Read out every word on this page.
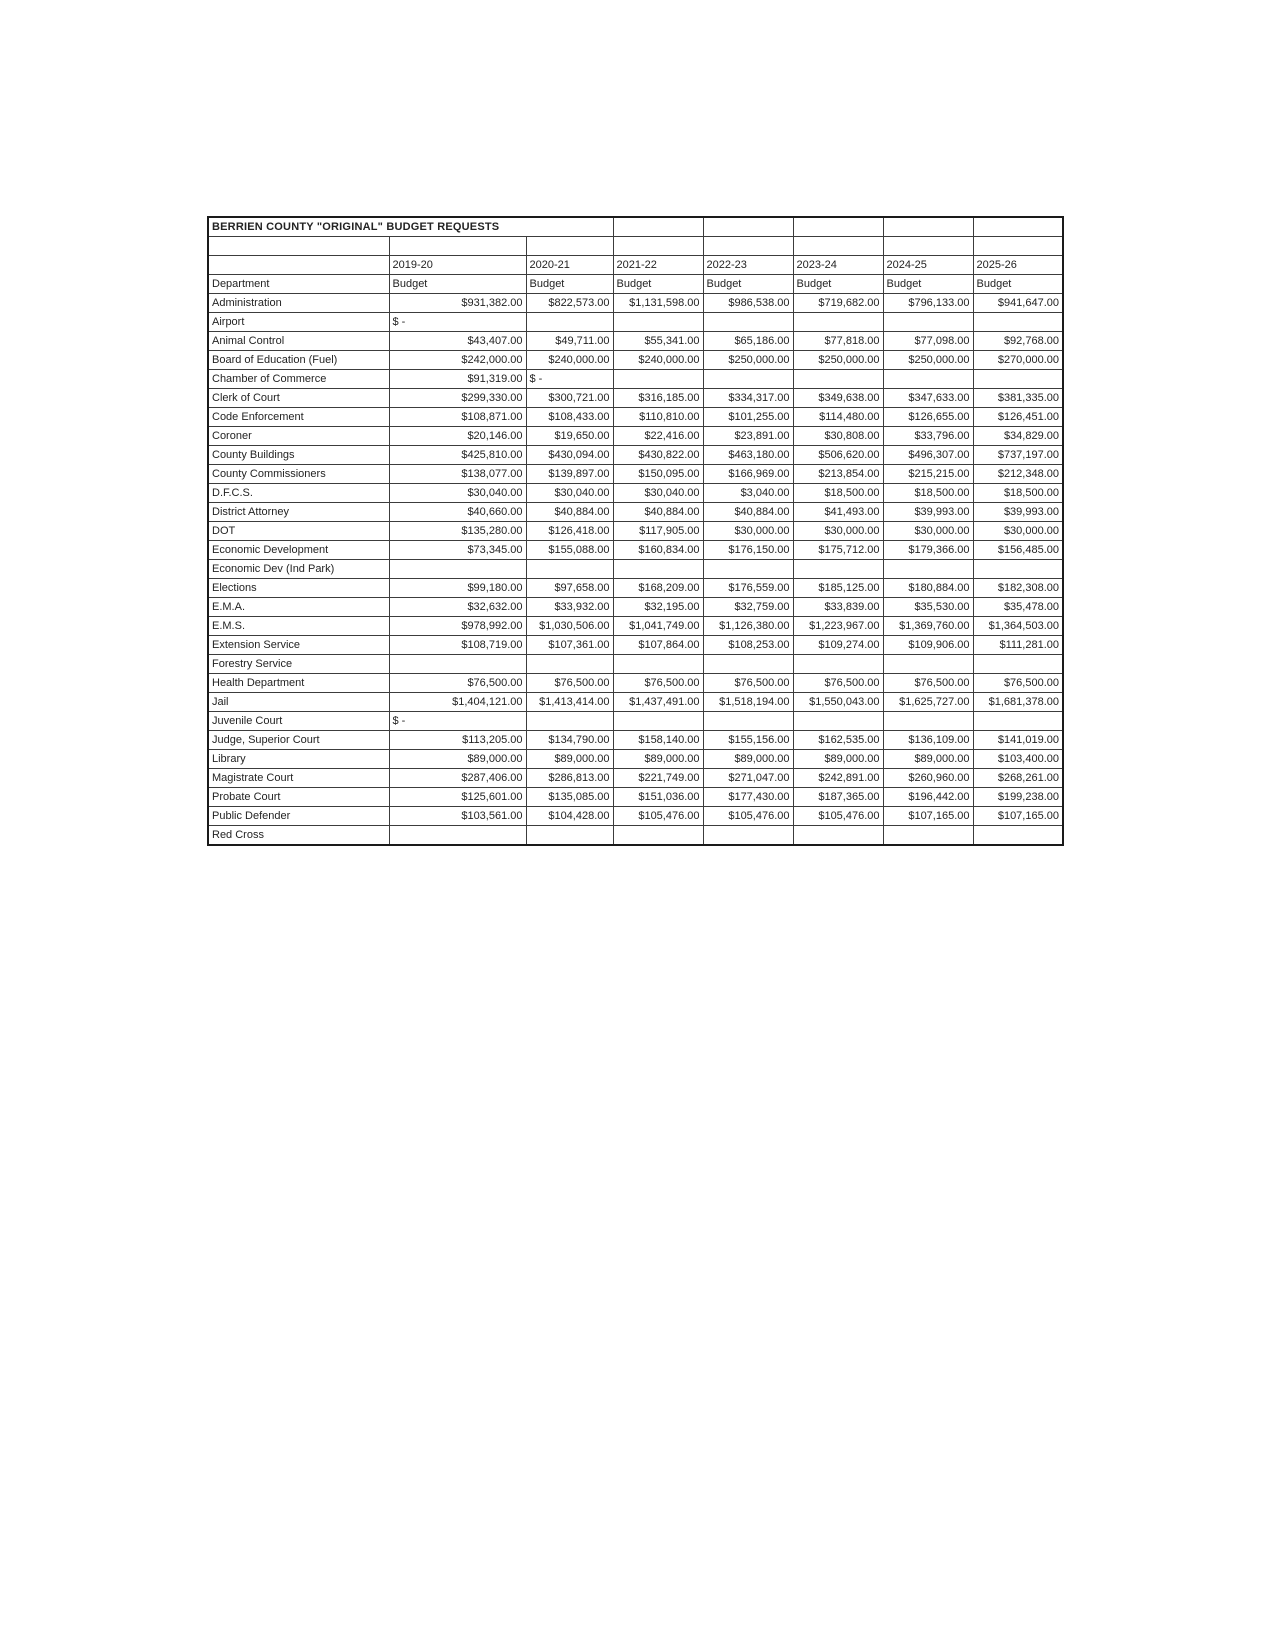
BERRIEN COUNTY "ORIGINAL" BUDGET REQUESTS							

	2019-20	2020-21	2021-22	2022-23	2023-24	2024-25	2025-26
Department	Budget	Budget	Budget	Budget	Budget	Budget	Budget
Administration	$931,382.00	$822,573.00	$1,131,598.00	$986,538.00	$719,682.00	$796,133.00	$941,647.00
Airport	$ -						
Animal Control	$43,407.00	$49,711.00	$55,341.00	$65,186.00	$77,818.00	$77,098.00	$92,768.00
Board of Education (Fuel)	$242,000.00	$240,000.00	$240,000.00	$250,000.00	$250,000.00	$250,000.00	$270,000.00
Chamber of Commerce	$91,319.00	$ -					
Clerk of Court	$299,330.00	$300,721.00	$316,185.00	$334,317.00	$349,638.00	$347,633.00	$381,335.00
Code Enforcement	$108,871.00	$108,433.00	$110,810.00	$101,255.00	$114,480.00	$126,655.00	$126,451.00
Coroner	$20,146.00	$19,650.00	$22,416.00	$23,891.00	$30,808.00	$33,796.00	$34,829.00
County Buildings	$425,810.00	$430,094.00	$430,822.00	$463,180.00	$506,620.00	$496,307.00	$737,197.00
County Commissioners	$138,077.00	$139,897.00	$150,095.00	$166,969.00	$213,854.00	$215,215.00	$212,348.00
D.F.C.S.	$30,040.00	$30,040.00	$30,040.00	$3,040.00	$18,500.00	$18,500.00	$18,500.00
District Attorney	$40,660.00	$40,884.00	$40,884.00	$40,884.00	$41,493.00	$39,993.00	$39,993.00
DOT	$135,280.00	$126,418.00	$117,905.00	$30,000.00	$30,000.00	$30,000.00	$30,000.00
Economic Development	$73,345.00	$155,088.00	$160,834.00	$176,150.00	$175,712.00	$179,366.00	$156,485.00
Economic Dev (Ind Park)							
Elections	$99,180.00	$97,658.00	$168,209.00	$176,559.00	$185,125.00	$180,884.00	$182,308.00
E.M.A.	$32,632.00	$33,932.00	$32,195.00	$32,759.00	$33,839.00	$35,530.00	$35,478.00
E.M.S.	$978,992.00	$1,030,506.00	$1,041,749.00	$1,126,380.00	$1,223,967.00	$1,369,760.00	$1,364,503.00
Extension Service	$108,719.00	$107,361.00	$107,864.00	$108,253.00	$109,274.00	$109,906.00	$111,281.00
Forestry Service							
Health Department	$76,500.00	$76,500.00	$76,500.00	$76,500.00	$76,500.00	$76,500.00	$76,500.00
Jail	$1,404,121.00	$1,413,414.00	$1,437,491.00	$1,518,194.00	$1,550,043.00	$1,625,727.00	$1,681,378.00
Juvenile Court	$ -						
Judge, Superior Court	$113,205.00	$134,790.00	$158,140.00	$155,156.00	$162,535.00	$136,109.00	$141,019.00
Library	$89,000.00	$89,000.00	$89,000.00	$89,000.00	$89,000.00	$89,000.00	$103,400.00
Magistrate Court	$287,406.00	$286,813.00	$221,749.00	$271,047.00	$242,891.00	$260,960.00	$268,261.00
Probate Court	$125,601.00	$135,085.00	$151,036.00	$177,430.00	$187,365.00	$196,442.00	$199,238.00
Public Defender	$103,561.00	$104,428.00	$105,476.00	$105,476.00	$105,476.00	$107,165.00	$107,165.00
Red Cross							
